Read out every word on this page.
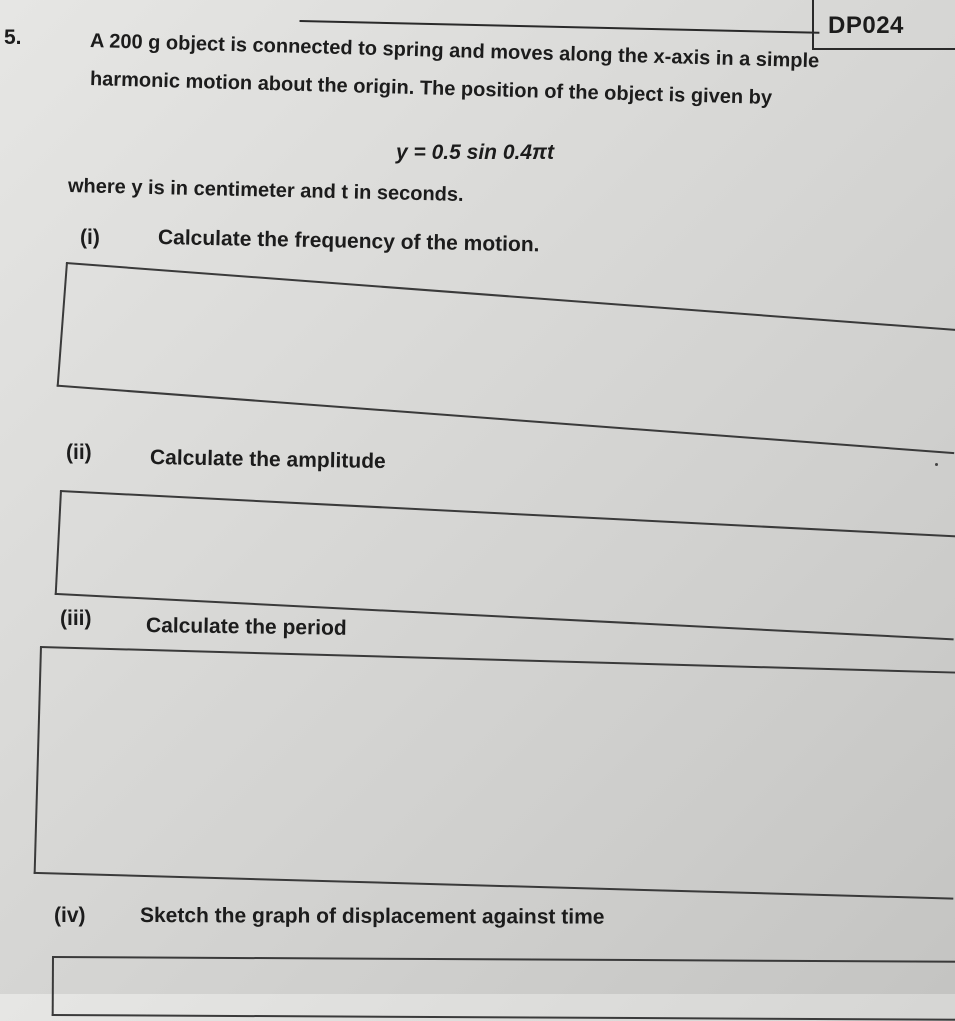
DP024
5.	A 200 g object is connected to spring and moves along the x-axis in a simple
harmonic motion about the origin. The position of the object is given by
y = 0.5 sin 0.4πt
where y is in centimeter and t in seconds.
(i)	Calculate the frequency of the motion.
(ii)	Calculate the amplitude
(iii)	Calculate the period
(iv)	Sketch the graph of displacement against time
